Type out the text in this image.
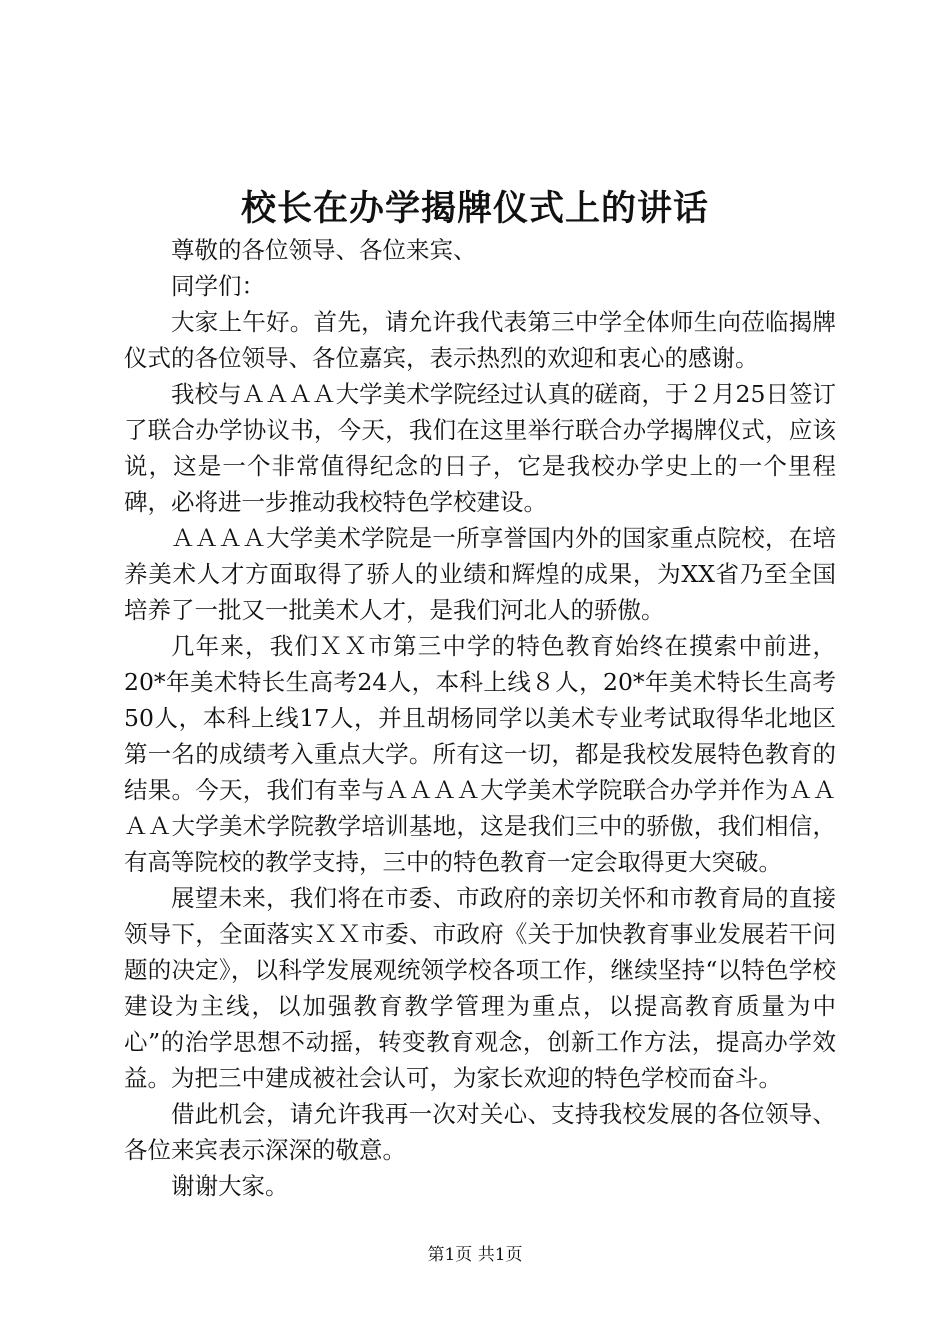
校长在办学揭牌仪式上的讲话

尊敬的各位领导、各位来宾、

同学们：

大家上午好。首先，请允许我代表第三中学全体师生向莅临揭牌仪式的各位领导、各位嘉宾，表示热烈的欢迎和衷心的感谢。

我校与ＡＡＡＡ大学美术学院经过认真的磋商，于２月25日签订了联合办学协议书，今天，我们在这里举行联合办学揭牌仪式，应该说，这是一个非常值得纪念的日子，它是我校办学史上的一个里程碑，必将进一步推动我校特色学校建设。

ＡＡＡＡ大学美术学院是一所享誉国内外的国家重点院校，在培养美术人才方面取得了骄人的业绩和辉煌的成果，为XX省乃至全国培养了一批又一批美术人才，是我们河北人的骄傲。

几年来，我们ＸＸ市第三中学的特色教育始终在摸索中前进，20*年美术特长生高考24人，本科上线８人，20*年美术特长生高考50人，本科上线17人，并且胡杨同学以美术专业考试取得华北地区第一名的成绩考入重点大学。所有这一切，都是我校发展特色教育的结果。今天，我们有幸与ＡＡＡＡ大学美术学院联合办学并作为ＡＡＡＡ大学美术学院教学培训基地，这是我们三中的骄傲，我们相信，有高等院校的教学支持，三中的特色教育一定会取得更大突破。

展望未来，我们将在市委、市政府的亲切关怀和市教育局的直接领导下，全面落实ＸＸ市委、市政府《关于加快教育事业发展若干问题的决定》，以科学发展观统领学校各项工作，继续坚持“以特色学校建设为主线，以加强教育教学管理为重点，以提高教育质量为中心”的治学思想不动摇，转变教育观念，创新工作方法，提高办学效益。为把三中建成被社会认可，为家长欢迎的特色学校而奋斗。

借此机会，请允许我再一次对关心、支持我校发展的各位领导、各位来宾表示深深的敬意。

谢谢大家。

第1页 共1页
